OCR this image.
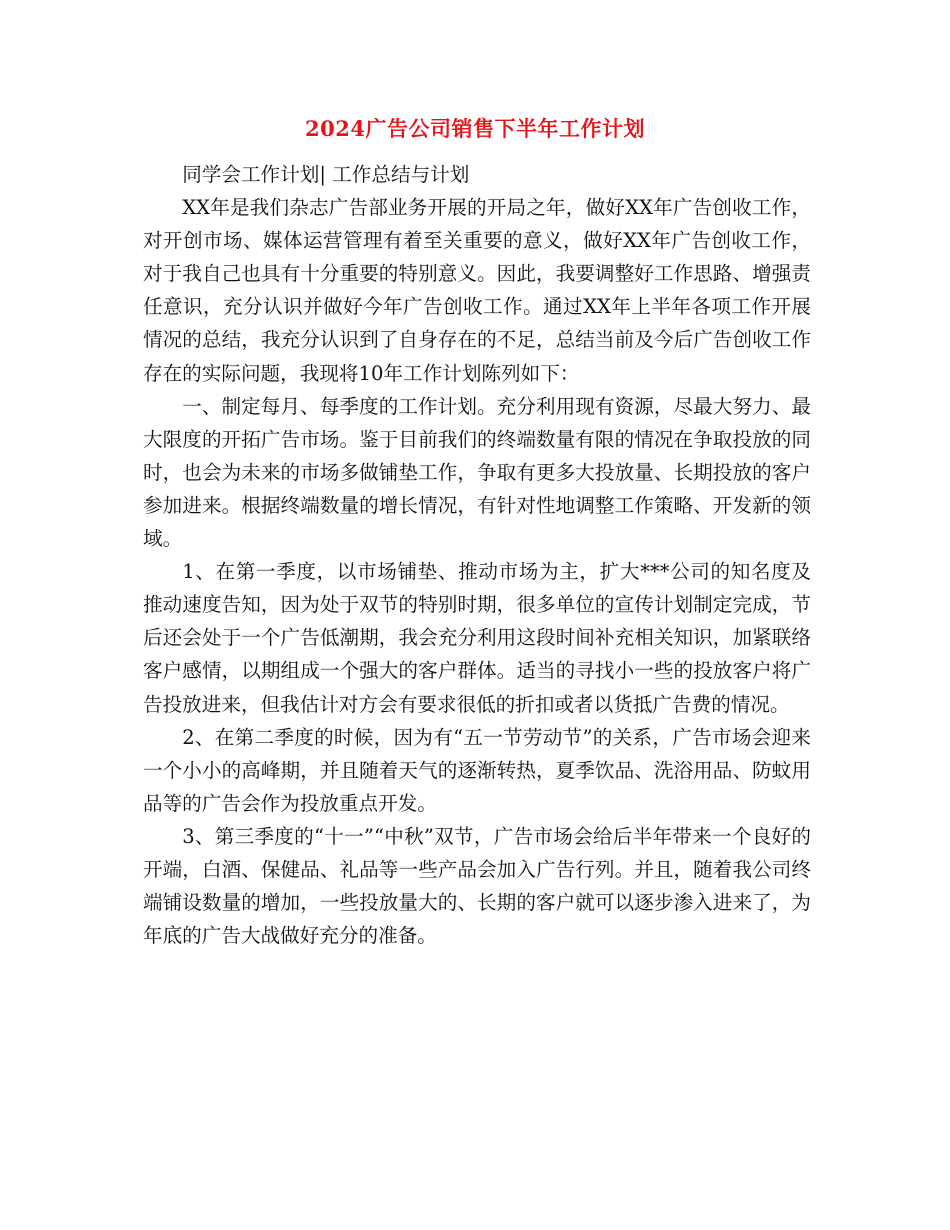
2024广告公司销售下半年工作计划

同学会工作计划| 工作总结与计划

XX年是我们杂志广告部业务开展的开局之年，做好XX年广告创收工作，对开创市场、媒体运营管理有着至关重要的意义，做好XX年广告创收工作，对于我自己也具有十分重要的特别意义。因此，我要调整好工作思路、增强责任意识，充分认识并做好今年广告创收工作。通过XX年上半年各项工作开展情况的总结，我充分认识到了自身存在的不足，总结当前及今后广告创收工作存在的实际问题，我现将10年工作计划陈列如下：

一、制定每月、每季度的工作计划。充分利用现有资源，尽最大努力、最大限度的开拓广告市场。鉴于目前我们的终端数量有限的情况在争取投放的同时，也会为未来的市场多做铺垫工作，争取有更多大投放量、长期投放的客户参加进来。根据终端数量的增长情况，有针对性地调整工作策略、开发新的领域。

1、在第一季度，以市场铺垫、推动市场为主，扩大***公司的知名度及推动速度告知，因为处于双节的特别时期，很多单位的宣传计划制定完成，节后还会处于一个广告低潮期，我会充分利用这段时间补充相关知识，加紧联络客户感情，以期组成一个强大的客户群体。适当的寻找小一些的投放客户将广告投放进来，但我估计对方会有要求很低的折扣或者以货抵广告费的情况。

2、在第二季度的时候，因为有“五一节劳动节”的关系，广告市场会迎来一个小小的高峰期，并且随着天气的逐渐转热，夏季饮品、洗浴用品、防蚊用品等的广告会作为投放重点开发。

3、第三季度的“十一”“中秋”双节，广告市场会给后半年带来一个良好的开端，白酒、保健品、礼品等一些产品会加入广告行列。并且，随着我公司终端铺设数量的增加，一些投放量大的、长期的客户就可以逐步渗入进来了，为年底的广告大战做好充分的准备。
